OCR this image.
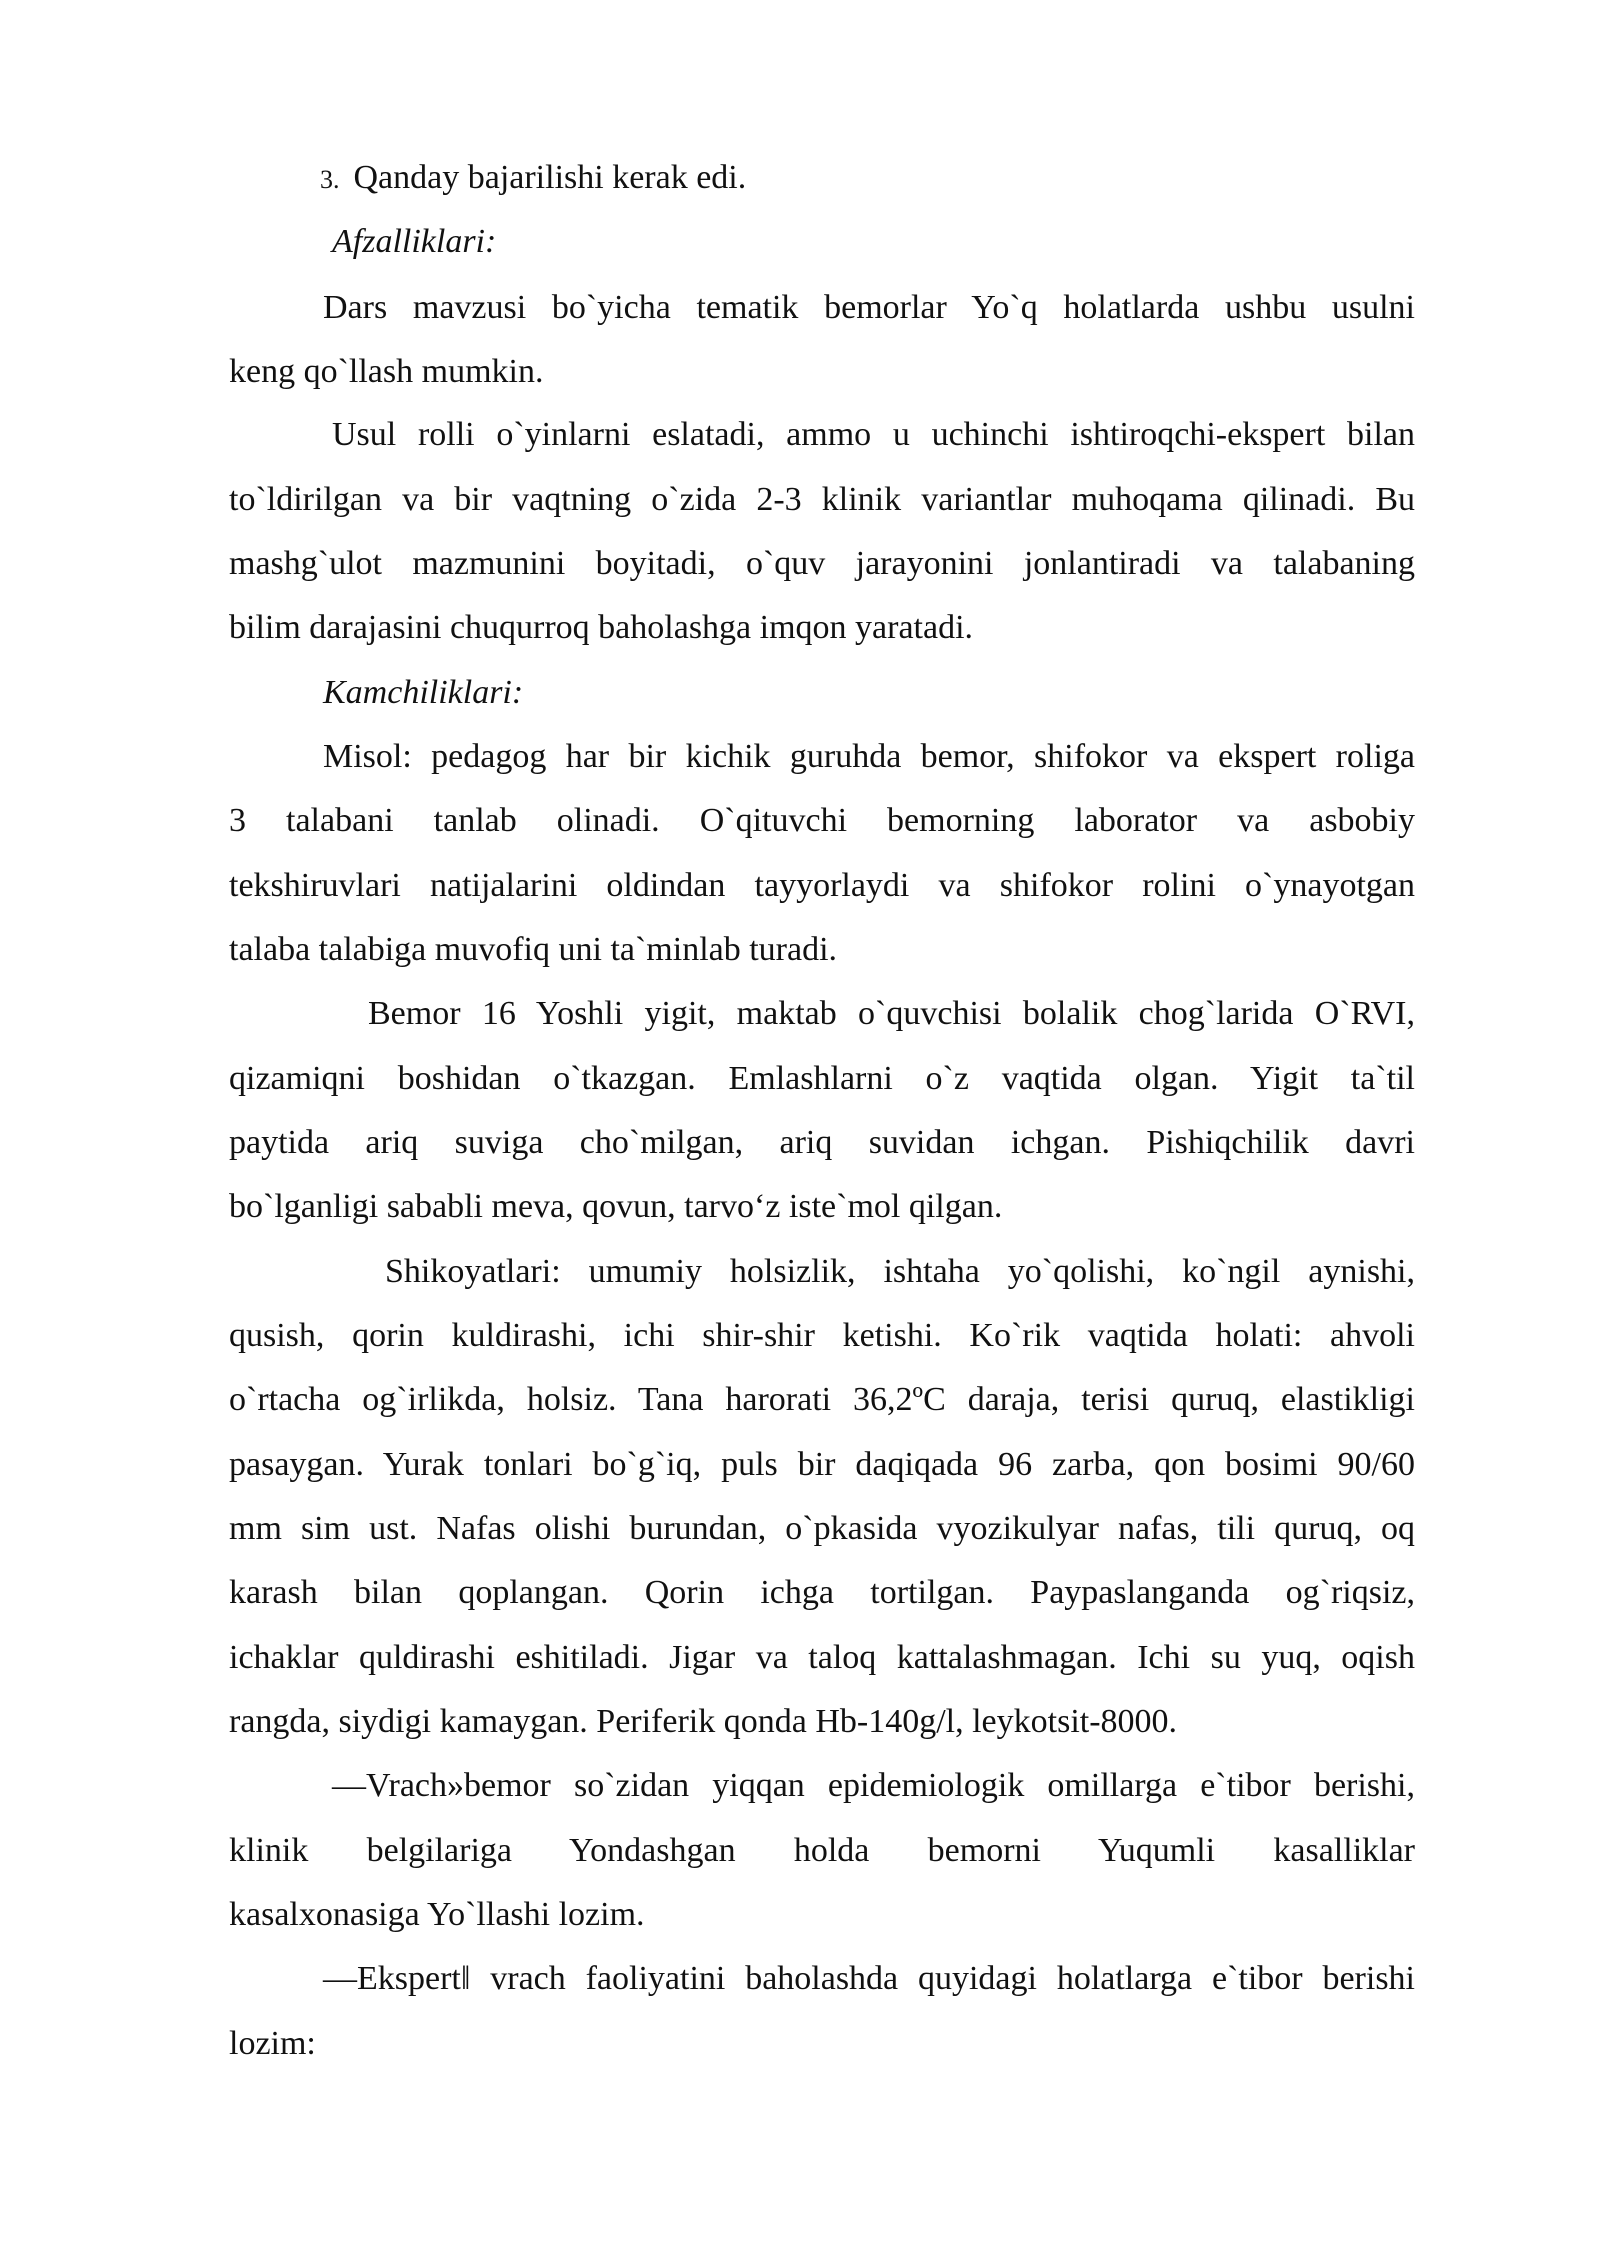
3. Qanday bajarilishi kerak edi.
Afzalliklari:
Dars mavzusi bo`yicha tematik bemorlar Yo`q holatlarda ushbu usulni
keng qo`llash mumkin.
Usul rolli o`yinlarni eslatadi, ammo u uchinchi ishtiroqchi-ekspert bilan
to`ldirilgan va bir vaqtning o`zida 2-3 klinik variantlar muhoqama qilinadi. Bu
mashg`ulot mazmunini boyitadi, o`quv jarayonini jonlantiradi va talabaning
bilim darajasini chuqurroq baholashga imqon yaratadi.
Kamchiliklari:
Misol: pedagog har bir kichik guruhda bemor, shifokor va ekspert roliga
3 talabani tanlab olinadi. O`qituvchi bemorning laborator va asbobiy
tekshiruvlari natijalarini oldindan tayyorlaydi va shifokor rolini o`ynayotgan
talaba talabiga muvofiq uni ta`minlab turadi.
Bemor 16 Yoshli yigit, maktab o`quvchisi bolalik chog`larida O`RVI,
qizamiqni boshidan o`tkazgan. Emlashlarni o`z vaqtida olgan. Yigit ta`til
paytida ariq suviga cho`milgan, ariq suvidan ichgan. Pishiqchilik davri
bo`lganligi sababli meva, qovun, tarvo‘z iste`mol qilgan.
Shikoyatlari: umumiy holsizlik, ishtaha yo`qolishi, ko`ngil aynishi,
qusish, qorin kuldirashi, ichi shir-shir ketishi. Ko`rik vaqtida holati: ahvoli
o`rtacha og`irlikda, holsiz. Tana harorati 36,2ºC daraja, terisi quruq, elastikligi
pasaygan. Yurak tonlari bo`g`iq, puls bir daqiqada 96 zarba, qon bosimi 90/60
mm sim ust. Nafas olishi burundan, o`pkasida vyozikulyar nafas, tili quruq, oq
karash bilan qoplangan. Qorin ichga tortilgan. Paypaslanganda og`riqsiz,
ichaklar quldirashi eshitiladi. Jigar va taloq kattalashmagan. Ichi su yuq, oqish
rangda, siydigi kamaygan. Periferik qonda Hb-140g/l, leykotsit-8000.
―Vrach»bemor so`zidan yiqqan epidemiologik omillarga e`tibor berishi,
klinik belgilariga Yondashgan holda bemorni Yuqumli kasalliklar
kasalxonasiga Yo`llashi lozim.
―Ekspert‖ vrach faoliyatini baholashda quyidagi holatlarga e`tibor berishi
lozim:
